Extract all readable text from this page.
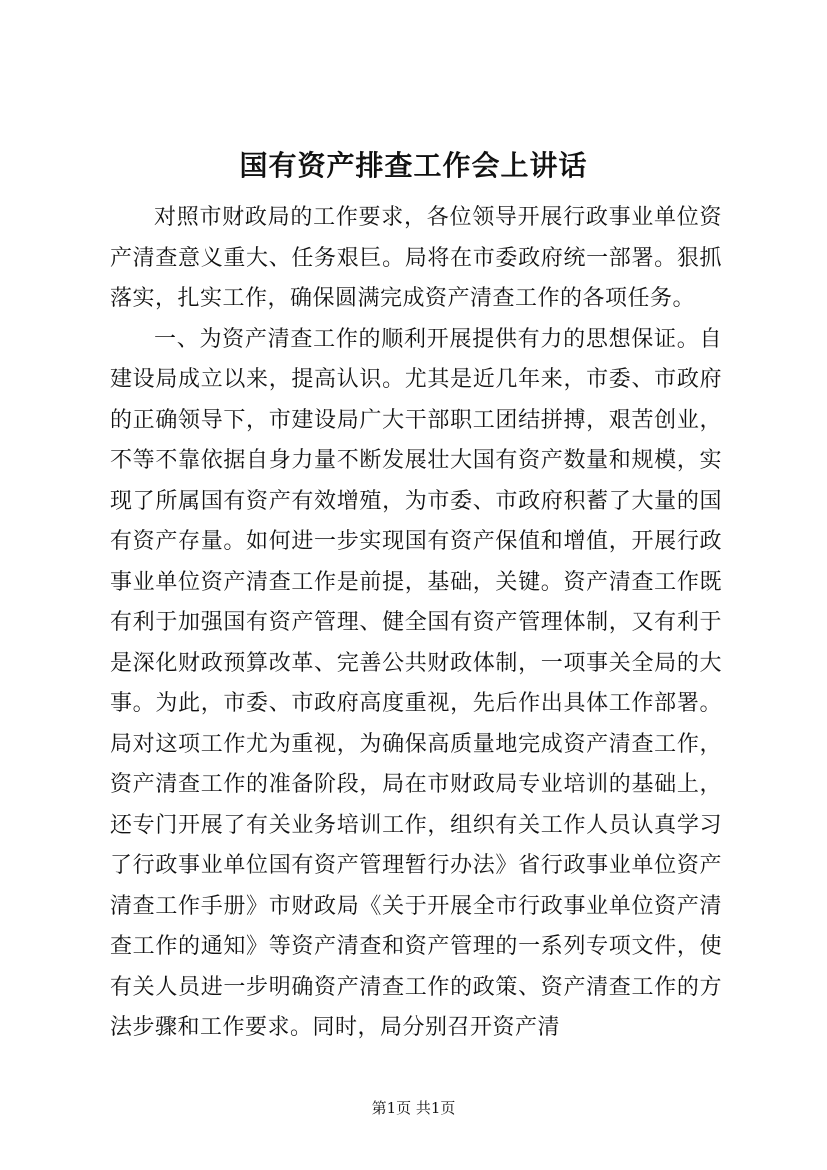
国有资产排查工作会上讲话

对照市财政局的工作要求，各位领导开展行政事业单位资产清查意义重大、任务艰巨。局将在市委政府统一部署。狠抓落实，扎实工作，确保圆满完成资产清查工作的各项任务。

一、为资产清查工作的顺利开展提供有力的思想保证。自建设局成立以来，提高认识。尤其是近几年来，市委、市政府的正确领导下，市建设局广大干部职工团结拼搏，艰苦创业，不等不靠依据自身力量不断发展壮大国有资产数量和规模，实现了所属国有资产有效增殖，为市委、市政府积蓄了大量的国有资产存量。如何进一步实现国有资产保值和增值，开展行政事业单位资产清查工作是前提，基础，关键。资产清查工作既有利于加强国有资产管理、健全国有资产管理体制，又有利于是深化财政预算改革、完善公共财政体制，一项事关全局的大事。为此，市委、市政府高度重视，先后作出具体工作部署。局对这项工作尤为重视，为确保高质量地完成资产清查工作，资产清查工作的准备阶段，局在市财政局专业培训的基础上，还专门开展了有关业务培训工作，组织有关工作人员认真学习了行政事业单位国有资产管理暂行办法》省行政事业单位资产清查工作手册》市财政局《关于开展全市行政事业单位资产清查工作的通知》等资产清查和资产管理的一系列专项文件，使有关人员进一步明确资产清查工作的政策、资产清查工作的方法步骤和工作要求。同时，局分别召开资产清

第1页 共1页
